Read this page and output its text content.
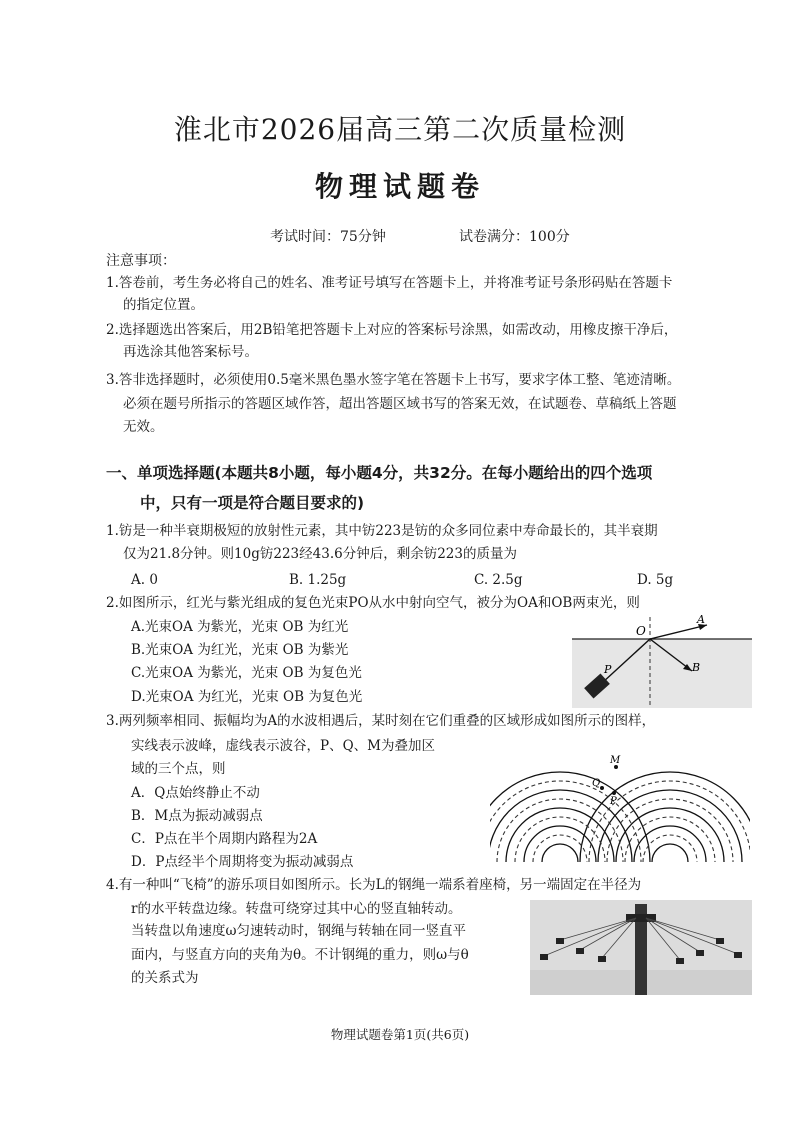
淮北市2026届高三第二次质量检测
物理试题卷
考试时间：75分钟	试卷满分：100分
注意事项：
1.答卷前，考生务必将自己的姓名、准考证号填写在答题卡上，并将准考证号条形码贴在答题卡
的指定位置。
2.选择题选出答案后，用2B铅笔把答题卡上对应的答案标号涂黑，如需改动，用橡皮擦干净后，
再选涂其他答案标号。
3.答非选择题时，必须使用0.5毫米黑色墨水签字笔在答题卡上书写，要求字体工整、笔迹清晰。
必须在题号所指示的答题区域作答，超出答题区域书写的答案无效，在试题卷、草稿纸上答题
无效。
一、单项选择题(本题共8小题，每小题4分，共32分。在每小题给出的四个选项
中，只有一项是符合题目要求的)
1.钫是一种半衰期极短的放射性元素，其中钫223是钫的众多同位素中寿命最长的，其半衰期
仅为21.8分钟。则10g钫223经43.6分钟后，剩余钫223的质量为
A. 0	B. 1.25g	C. 2.5g	D. 5g
2.如图所示，红光与紫光组成的复色光束PO从水中射向空气，被分为OA和OB两束光，则
A.光束OA 为紫光，光束 OB 为红光
B.光束OA 为红光，光束 OB 为紫光
C.光束OA 为紫光，光束 OB 为复色光
D.光束OA 为红光，光束 OB 为复色光
O
A
B
P
3.两列频率相同、振幅均为A的水波相遇后，某时刻在它们重叠的区域形成如图所示的图样，
实线表示波峰，虚线表示波谷，P、Q、M为叠加区
域的三个点，则
A．Q点始终静止不动
B．M点为振动减弱点
C．P点在半个周期内路程为2A
D．P点经半个周期将变为振动减弱点
M
Q
P
4.有一种叫“飞椅”的游乐项目如图所示。长为L的钢绳一端系着座椅，另一端固定在半径为
r的水平转盘边缘。转盘可绕穿过其中心的竖直轴转动。
当转盘以角速度ω匀速转动时，钢绳与转轴在同一竖直平
面内，与竖直方向的夹角为θ。不计钢绳的重力，则ω与θ
的关系式为
物理试题卷第1页(共6页)
